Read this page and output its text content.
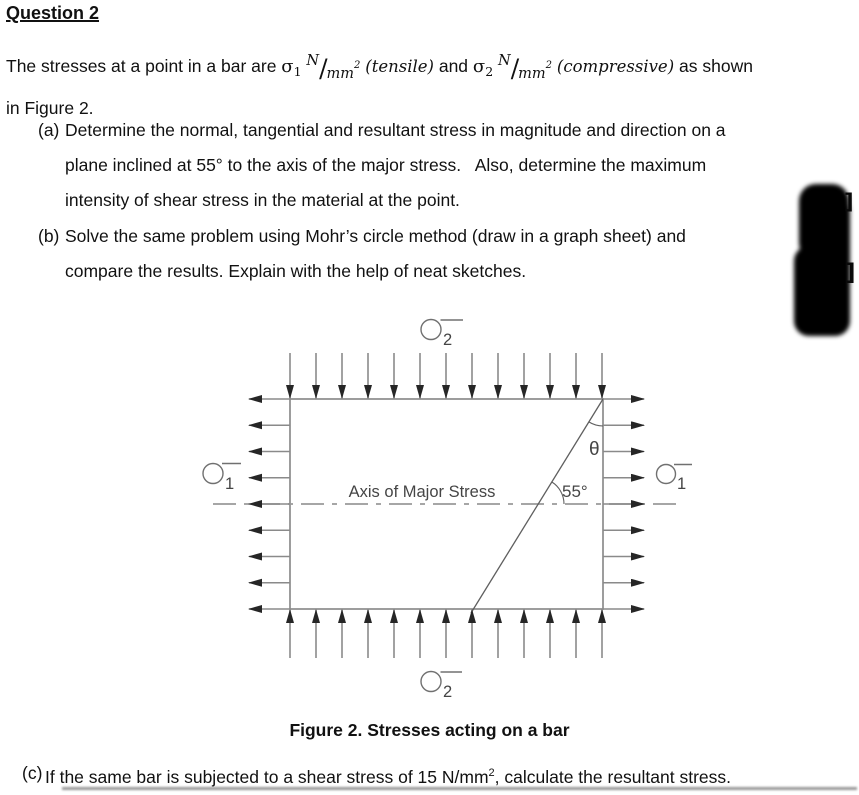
Question 2
The stresses at a point in a bar are $\sigma_1$ $^N/_{mm}^2$ (tensile) and $\sigma_2$ $^N/_{mm}^2$ (compressive) as shown
in Figure 2.
(a) Determine the normal, tangential and resultant stress in magnitude and direction on a
plane inclined at 55° to the axis of the major stress.   Also, determine the maximum
intensity of shear stress in the material at the point.
(b) Solve the same problem using Mohr’s circle method (draw in a graph sheet) and
compare the results. Explain with the help of neat sketches.
Figure 2. Stresses acting on a bar
(c) If the same bar is subjected to a shear stress of 15 $N/mm^2$, calculate the resultant stress.
Axis of Major Stress	55°
θ
2
2
1	1
]
]
